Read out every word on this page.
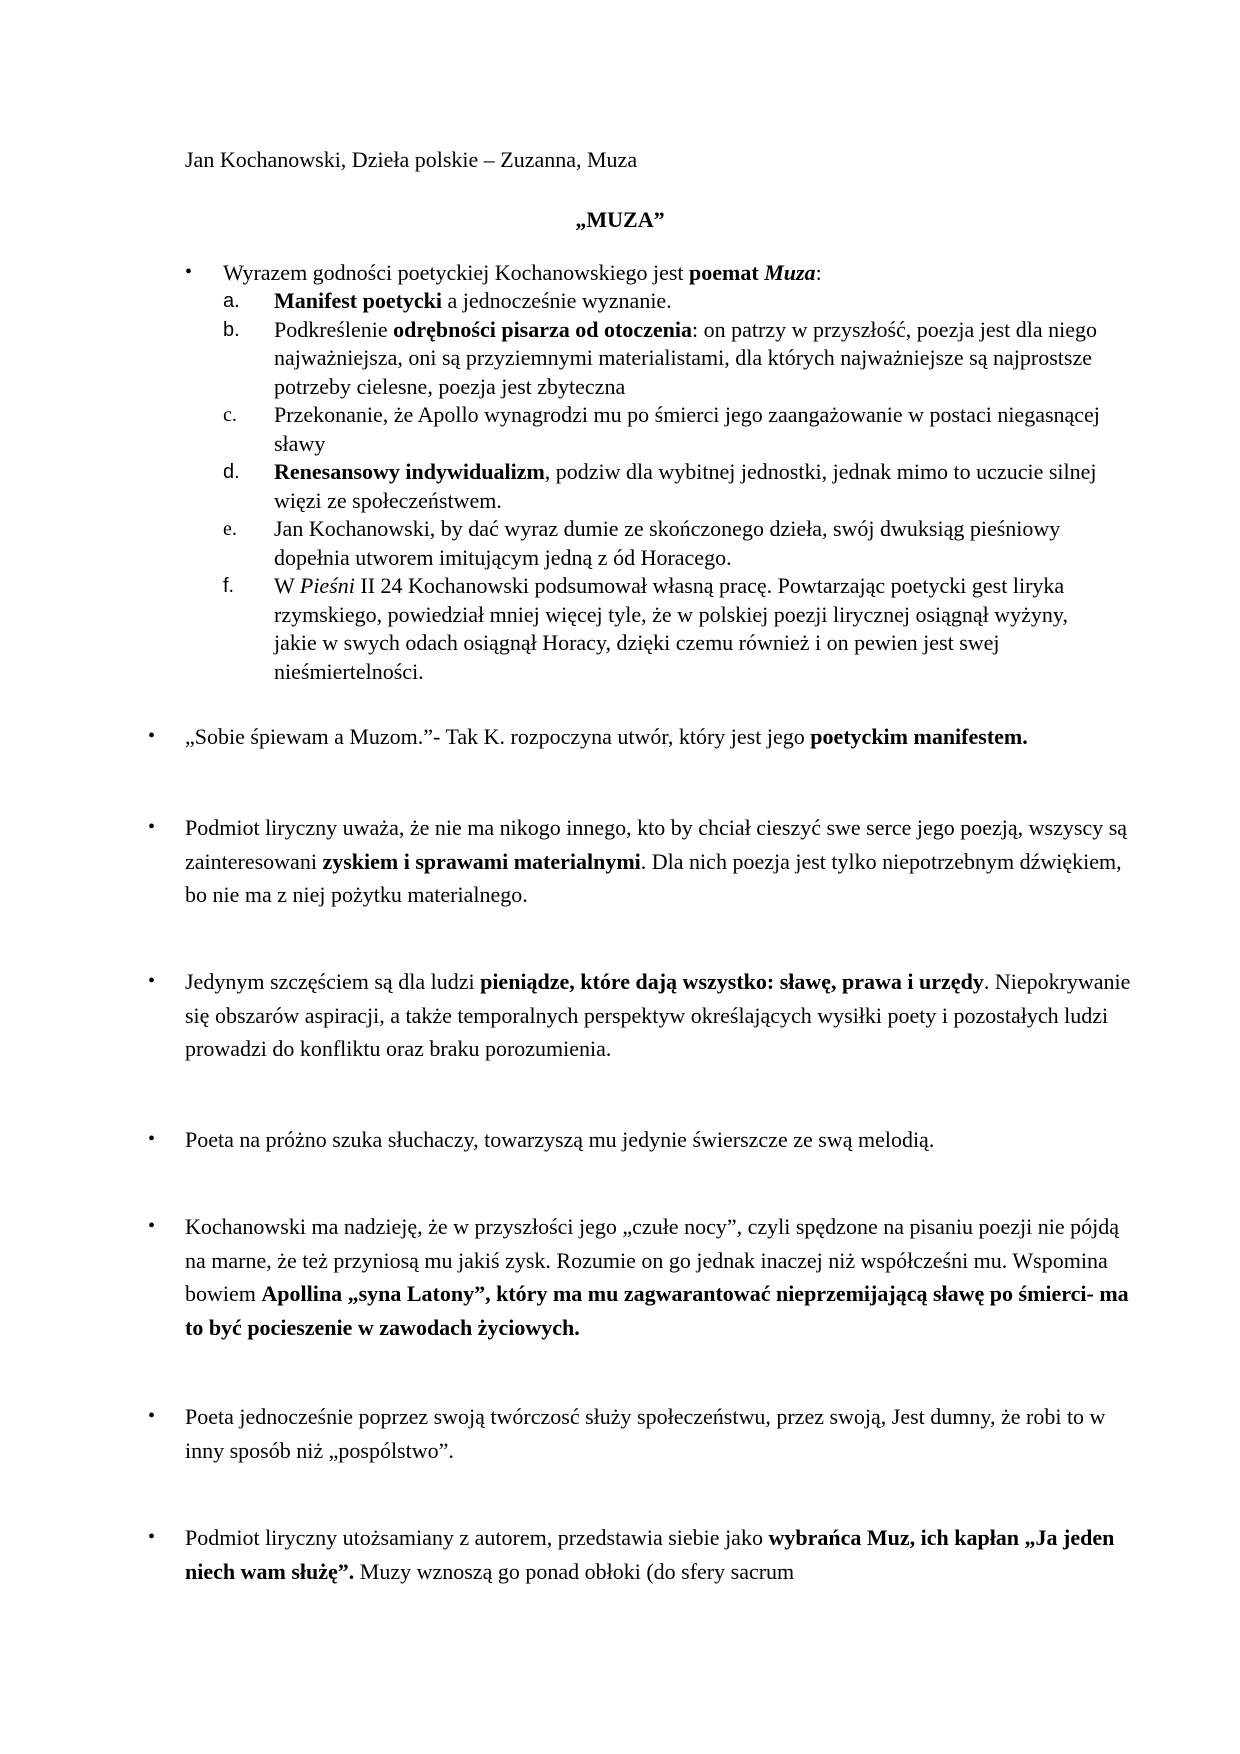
Jan Kochanowski, Dzieła polskie – Zuzanna, Muza
„MUZA”
• Wyrazem godności poetyckiej Kochanowskiego jest poemat Muza:
a. Manifest poetycki a jednocześnie wyznanie.
b. Podkreślenie odrębności pisarza od otoczenia: on patrzy w przyszłość, poezja jest dla niego najważniejsza, oni są przyziemnymi materialistami, dla których najważniejsze są najprostsze potrzeby cielesne, poezja jest zbyteczna
c. Przekonanie, że Apollo wynagrodzi mu po śmierci jego zaangażowanie w postaci niegasnącej sławy
d. Renesansowy indywidualizm, podziw dla wybitnej jednostki, jednak mimo to uczucie silnej więzi ze społeczeństwem.
e. Jan Kochanowski, by dać wyraz dumie ze skończonego dzieła, swój dwuksiąg pieśniowy dopełnia utworem imitującym jedną z ód Horacego.
f. W Pieśni II 24 Kochanowski podsumował własną pracę. Powtarzając poetycki gest liryka rzymskiego, powiedział mniej więcej tyle, że w polskiej poezji lirycznej osiągnął wyżyny, jakie w swych odach osiągnął Horacy, dzięki czemu również i on pewien jest swej nieśmiertelności.
• „Sobie śpiewam a Muzom.”- Tak K. rozpoczyna utwór, który jest jego poetyckim manifestem.
• Podmiot liryczny uważa, że nie ma nikogo innego, kto by chciał cieszyć swe serce jego poezją, wszyscy są zainteresowani zyskiem i sprawami materialnymi. Dla nich poezja jest tylko niepotrzebnym dźwiękiem, bo nie ma z niej pożytku materialnego.
• Jedynym szczęściem są dla ludzi pieniądze, które dają wszystko: sławę, prawa i urzędy. Niepokrywanie się obszarów aspiracji, a także temporalnych perspektyw określających wysiłki poety i pozostałych ludzi prowadzi do konfliktu oraz braku porozumienia.
• Poeta na próżno szuka słuchaczy, towarzyszą mu jedynie świerszcze ze swą melodią.
• Kochanowski ma nadzieję, że w przyszłości jego „czułe nocy”, czyli spędzone na pisaniu poezji nie pójdą na marne, że też przyniosą mu jakiś zysk. Rozumie on go jednak inaczej niż współcześni mu. Wspomina bowiem Apollina „syna Latony”, który ma mu zagwarantować nieprzemijającą sławę po śmierci- ma to być pocieszenie w zawodach życiowych.
• Poeta jednocześnie poprzez swoją twórczosć służy społeczeństwu, przez swoją, Jest dumny, że robi to w inny sposób niż „pospólstwo”.
• Podmiot liryczny utożsamiany z autorem, przedstawia siebie jako wybrańca Muz, ich kapłan „Ja jeden niech wam służę”. Muzy wznoszą go ponad obłoki (do sfery sacrum
